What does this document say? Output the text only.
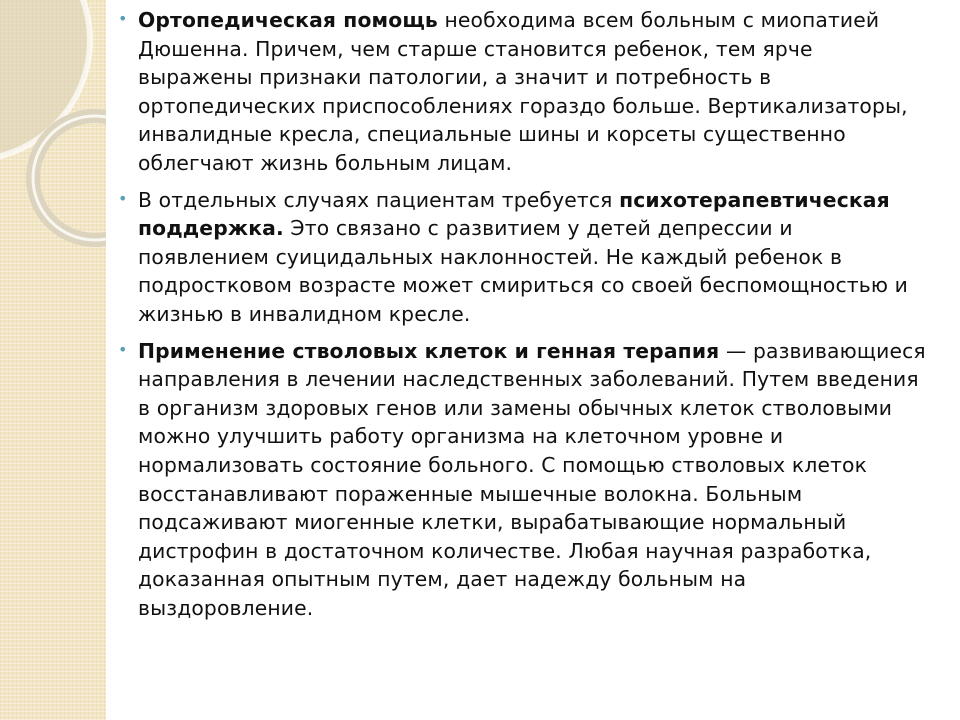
• Ортопедическая помощь необходима всем больным с миопатией Дюшенна. Причем, чем старше становится ребенок, тем ярче выражены признаки патологии, а значит и потребность в ортопедических приспособлениях гораздо больше. Вертикализаторы, инвалидные кресла, специальные шины и корсеты существенно облегчают жизнь больным лицам.

• В отдельных случаях пациентам требуется психотерапевтическая поддержка. Это связано с развитием у детей депрессии и появлением суицидальных наклонностей. Не каждый ребенок в подростковом возрасте может смириться со своей беспомощностью и жизнью в инвалидном кресле.

• Применение стволовых клеток и генная терапия — развивающиеся направления в лечении наследственных заболеваний. Путем введения в организм здоровых генов или замены обычных клеток стволовыми можно улучшить работу организма на клеточном уровне и нормализовать состояние больного. С помощью стволовых клеток восстанавливают пораженные мышечные волокна. Больным подсаживают миогенные клетки, вырабатывающие нормальный дистрофин в достаточном количестве. Любая научная разработка, доказанная опытным путем, дает надежду больным на выздоровление.
